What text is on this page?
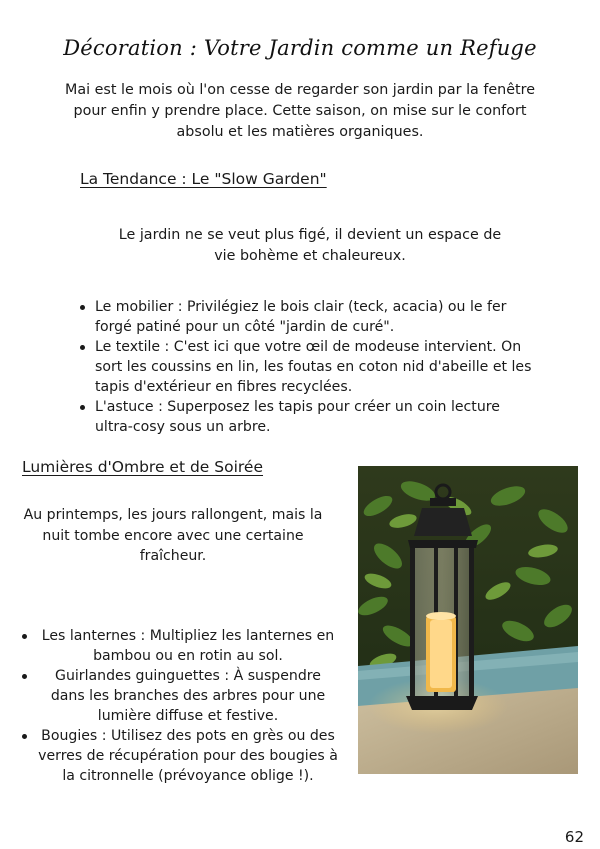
Décoration : Votre Jardin comme un Refuge

Mai est le mois où l'on cesse de regarder son jardin par la fenêtre pour enfin y prendre place. Cette saison, on mise sur le confort absolu et les matières organiques.

La Tendance : Le "Slow Garden"

Le jardin ne se veut plus figé, il devient un espace de vie bohème et chaleureux.

Le mobilier : Privilégiez le bois clair (teck, acacia) ou le fer forgé patiné pour un côté "jardin de curé".
Le textile : C'est ici que votre œil de modeuse intervient. On sort les coussins en lin, les foutas en coton nid d'abeille et les tapis d'extérieur en fibres recyclées.
L'astuce : Superposez les tapis pour créer un coin lecture ultra-cosy sous un arbre.
Lumières d'Ombre et de Soirée

Au printemps, les jours rallongent, mais la nuit tombe encore avec une certaine fraîcheur.

Les lanternes : Multipliez les lanternes en bambou ou en rotin au sol.
Guirlandes guinguettes : À suspendre dans les branches des arbres pour une lumière diffuse et festive.
Bougies : Utilisez des pots en grès ou des verres de récupération pour des bougies à la citronnelle (prévoyance oblige !).
62
